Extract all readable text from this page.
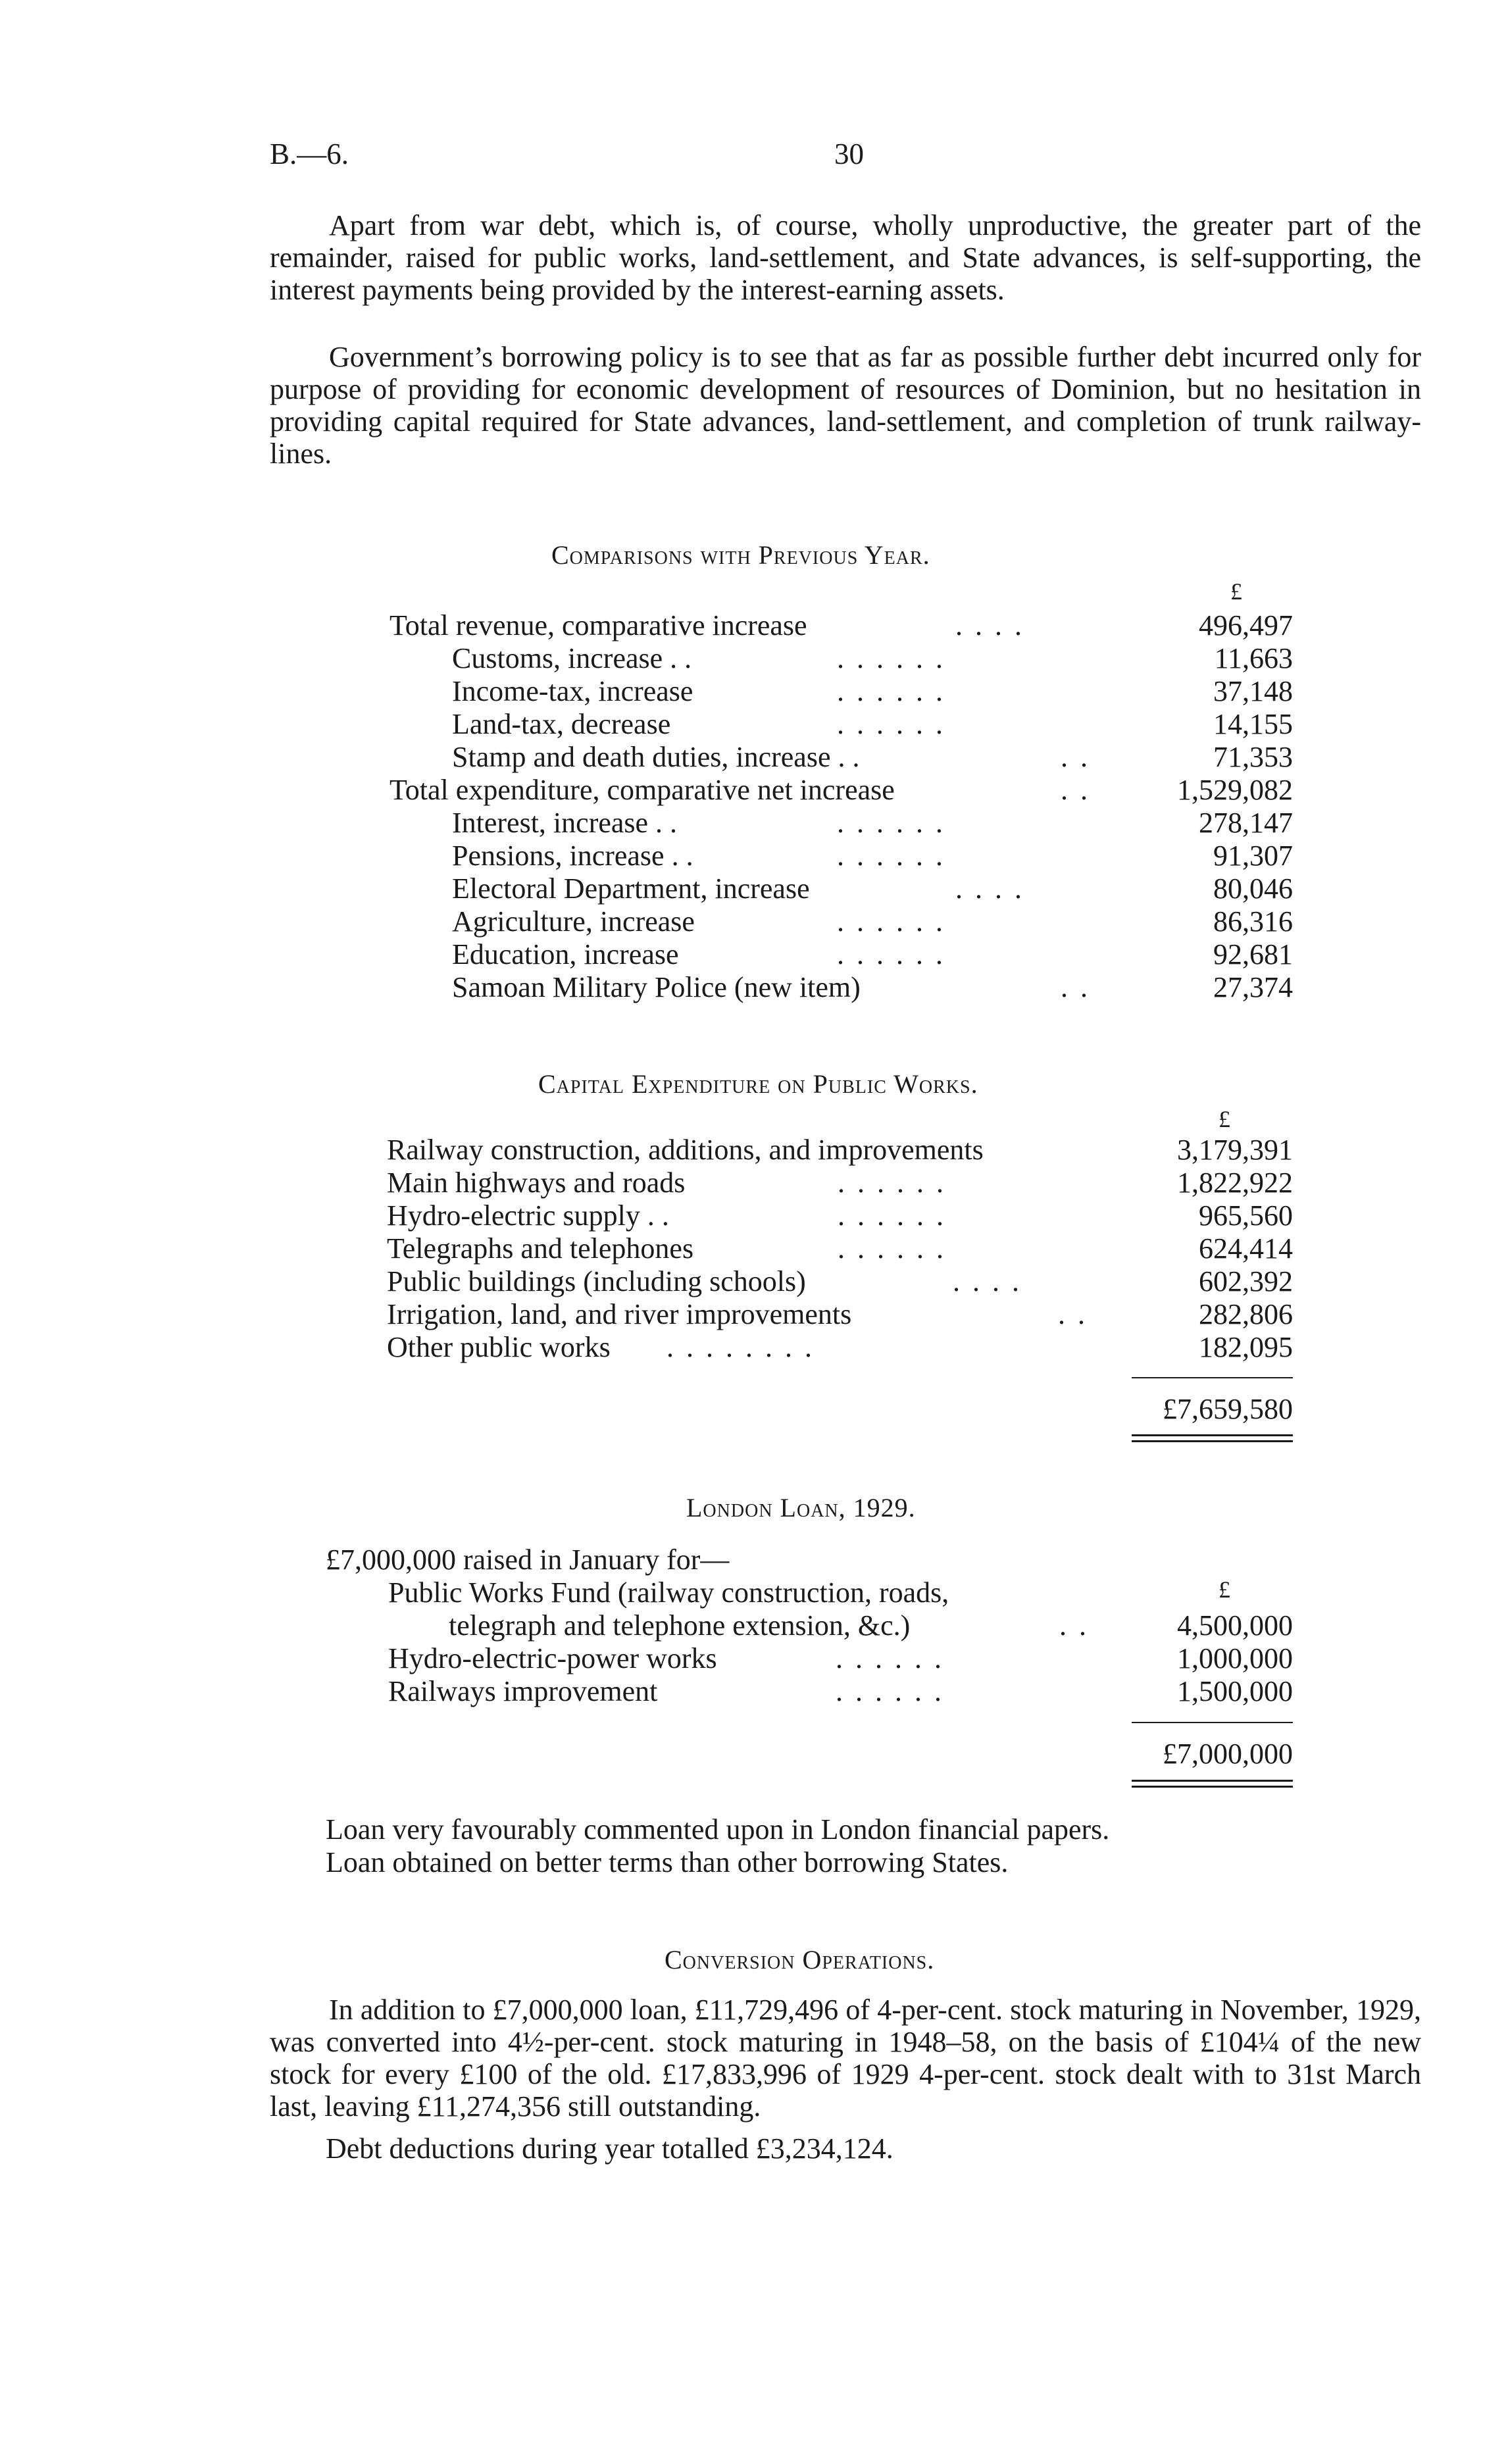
B.—6.	30

Apart from war debt, which is, of course, wholly unproductive, the greater part of the remainder, raised for public works, land-settlement, and State advances, is self-supporting, the interest payments being provided by the interest-earning assets.

Government’s borrowing policy is to see that as far as possible further debt incurred only for purpose of providing for economic development of resources of Dominion, but no hesitation in providing capital required for State advances, land-settlement, and completion of trunk railway-lines.

Comparisons with Previous Year.
£
Total revenue, comparative increase	. . . .	496,497
Customs, increase . .	. . . . . .	11,663
Income-tax, increase	. . . . . .	37,148
Land-tax, decrease	. . . . . .	14,155
Stamp and death duties, increase . .	. .	71,353
Total expenditure, comparative net increase	. .	1,529,082
Interest, increase . .	. . . . . .	278,147
Pensions, increase . .	. . . . . .	91,307
Electoral Department, increase	. . . .	80,046
Agriculture, increase	. . . . . .	86,316
Education, increase	. . . . . .	92,681
Samoan Military Police (new item)	. .	27,374
Capital Expenditure on Public Works.
£
Railway construction, additions, and improvements	3,179,391
Main highways and roads	. . . . . .	1,822,922
Hydro-electric supply . .	. . . . . .	965,560
Telegraphs and telephones	. . . . . .	624,414
Public buildings (including schools)	. . . .	602,392
Irrigation, land, and river improvements	. .	282,806
Other public works . . . . . . . .	182,095
£7,659,580
London Loan, 1929.
£7,000,000 raised in January for—
Public Works Fund (railway construction, roads,	£
telegraph and telephone extension, &c.)	. .	4,500,000
Hydro-electric-power works	. . . . . .	1,000,000
Railways improvement	. . . . . .	1,500,000
£7,000,000
Loan very favourably commented upon in London financial papers.
Loan obtained on better terms than other borrowing States.
Conversion Operations.

In addition to £7,000,000 loan, £11,729,496 of 4-per-cent. stock maturing in November, 1929, was converted into 4½-per-cent. stock maturing in 1948–58, on the basis of £104¼ of the new stock for every £100 of the old. £17,833,996 of 1929 4-per-cent. stock dealt with to 31st March last, leaving £11,274,356 still outstanding.

Debt deductions during year totalled £3,234,124.
